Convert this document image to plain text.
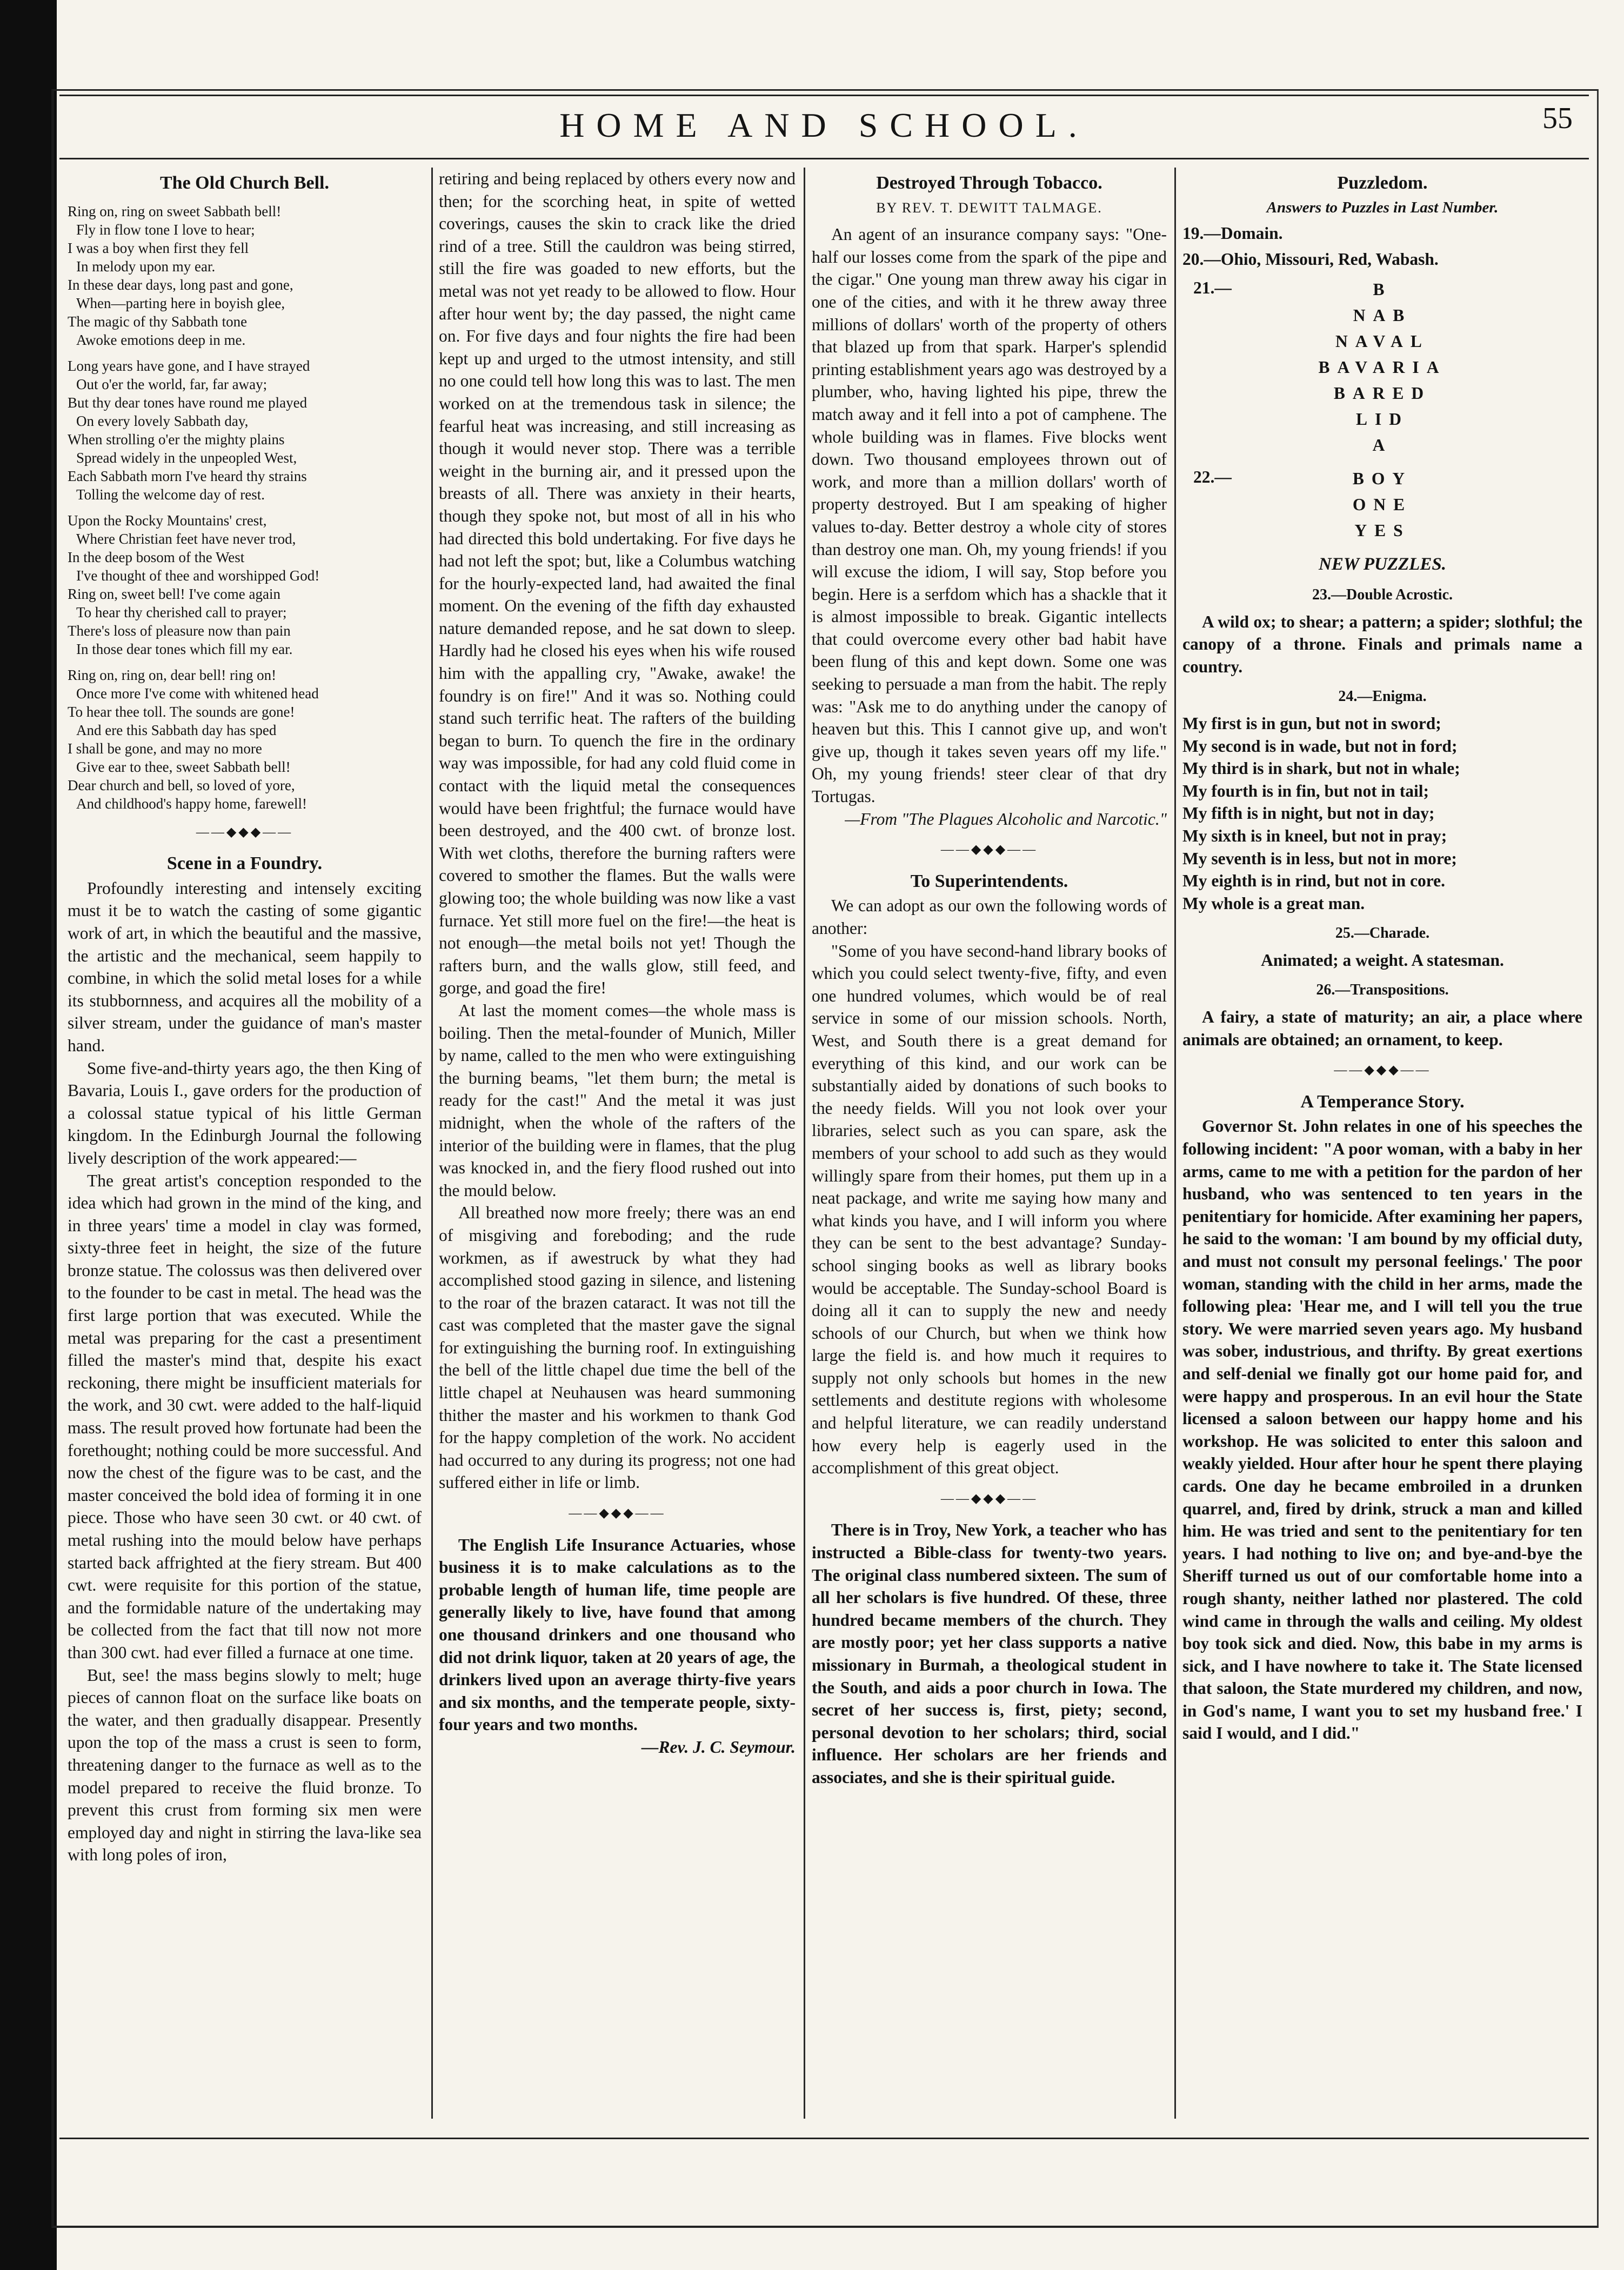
HOME AND SCHOOL.	55
The Old Church Bell.
Ring on, ring on sweet Sabbath bell!
Fly in flow tone I love to hear;
I was a boy when first they fell
In melody upon my ear.
In these dear days, long past and gone,
When—parting here in boyish glee,
The magic of thy Sabbath tone
Awoke emotions deep in me.
Long years have gone, and I have strayed
Out o'er the world, far, far away;
But thy dear tones have round me played
On every lovely Sabbath day,
When strolling o'er the mighty plains
Spread widely in the unpeopled West,
Each Sabbath morn I've heard thy strains
Tolling the welcome day of rest.
Upon the Rocky Mountains' crest,
Where Christian feet have never trod,
In the deep bosom of the West
I've thought of thee and worshipped God!
Ring on, sweet bell! I've come again
To hear thy cherished call to prayer;
There's loss of pleasure now than pain
In those dear tones which fill my ear.
Ring on, ring on, dear bell! ring on!
Once more I've come with whitened head
To hear thee toll. The sounds are gone!
And ere this Sabbath day has sped
I shall be gone, and may no more
Give ear to thee, sweet Sabbath bell!
Dear church and bell, so loved of yore,
And childhood's happy home, farewell!
——◆◆◆——
Scene in a Foundry.

Profoundly interesting and intensely exciting must it be to watch the casting of some gigantic work of art, in which the beautiful and the massive, the artistic and the mechanical, seem happily to combine, in which the solid metal loses for a while its stubbornness, and acquires all the mobility of a silver stream, under the guidance of man's master hand.

Some five-and-thirty years ago, the then King of Bavaria, Louis I., gave orders for the production of a colossal statue typical of his little German kingdom. In the Edinburgh Journal the following lively description of the work appeared:—

The great artist's conception responded to the idea which had grown in the mind of the king, and in three years' time a model in clay was formed, sixty-three feet in height, the size of the future bronze statue. The colossus was then delivered over to the founder to be cast in metal. The head was the first large portion that was executed. While the metal was preparing for the cast a presentiment filled the master's mind that, despite his exact reckoning, there might be insufficient materials for the work, and 30 cwt. were added to the half-liquid mass. The result proved how fortunate had been the forethought; nothing could be more successful. And now the chest of the figure was to be cast, and the master conceived the bold idea of forming it in one piece. Those who have seen 30 cwt. or 40 cwt. of metal rushing into the mould below have perhaps started back affrighted at the fiery stream. But 400 cwt. were requisite for this portion of the statue, and the formidable nature of the undertaking may be collected from the fact that till now not more than 300 cwt. had ever filled a furnace at one time.

But, see! the mass begins slowly to melt; huge pieces of cannon float on the surface like boats on the water, and then gradually disappear. Presently upon the top of the mass a crust is seen to form, threatening danger to the furnace as well as to the model prepared to receive the fluid bronze. To prevent this crust from forming six men were employed day and night in stirring the lava-like sea with long poles of iron,

retiring and being replaced by others every now and then; for the scorching heat, in spite of wetted coverings, causes the skin to crack like the dried rind of a tree. Still the cauldron was being stirred, still the fire was goaded to new efforts, but the metal was not yet ready to be allowed to flow. Hour after hour went by; the day passed, the night came on. For five days and four nights the fire had been kept up and urged to the utmost intensity, and still no one could tell how long this was to last. The men worked on at the tremendous task in silence; the fearful heat was increasing, and still increasing as though it would never stop. There was a terrible weight in the burning air, and it pressed upon the breasts of all. There was anxiety in their hearts, though they spoke not, but most of all in his who had directed this bold undertaking. For five days he had not left the spot; but, like a Columbus watching for the hourly-expected land, had awaited the final moment. On the evening of the fifth day exhausted nature demanded repose, and he sat down to sleep. Hardly had he closed his eyes when his wife roused him with the appalling cry, "Awake, awake! the foundry is on fire!" And it was so. Nothing could stand such terrific heat. The rafters of the building began to burn. To quench the fire in the ordinary way was impossible, for had any cold fluid come in contact with the liquid metal the consequences would have been frightful; the furnace would have been destroyed, and the 400 cwt. of bronze lost. With wet cloths, therefore the burning rafters were covered to smother the flames. But the walls were glowing too; the whole building was now like a vast furnace. Yet still more fuel on the fire!—the heat is not enough—the metal boils not yet! Though the rafters burn, and the walls glow, still feed, and gorge, and goad the fire!

At last the moment comes—the whole mass is boiling. Then the metal-founder of Munich, Miller by name, called to the men who were extinguishing the burning beams, "let them burn; the metal is ready for the cast!" And the metal it was just midnight, when the whole of the rafters of the interior of the building were in flames, that the plug was knocked in, and the fiery flood rushed out into the mould below.

All breathed now more freely; there was an end of misgiving and foreboding; and the rude workmen, as if awestruck by what they had accomplished stood gazing in silence, and listening to the roar of the brazen cataract. It was not till the cast was completed that the master gave the signal for extinguishing the burning roof. In extinguishing the bell of the little chapel due time the bell of the little chapel at Neuhausen was heard summoning thither the master and his workmen to thank God for the happy completion of the work. No accident had occurred to any during its progress; not one had suffered either in life or limb.

——◆◆◆——

The English Life Insurance Actuaries, whose business it is to make calculations as to the probable length of human life, time people are generally likely to live, have found that among one thousand drinkers and one thousand who did not drink liquor, taken at 20 years of age, the drinkers lived upon an average thirty-five years and six months, and the temperate people, sixty-four years and two months.

—Rev. J. C. Seymour.

Destroyed Through Tobacco.
BY REV. T. DEWITT TALMAGE.

An agent of an insurance company says: "One-half our losses come from the spark of the pipe and the cigar." One young man threw away his cigar in one of the cities, and with it he threw away three millions of dollars' worth of the property of others that blazed up from that spark. Harper's splendid printing establishment years ago was destroyed by a plumber, who, having lighted his pipe, threw the match away and it fell into a pot of camphene. The whole building was in flames. Five blocks went down. Two thousand employees thrown out of work, and more than a million dollars' worth of property destroyed. But I am speaking of higher values to-day. Better destroy a whole city of stores than destroy one man. Oh, my young friends! if you will excuse the idiom, I will say, Stop before you begin. Here is a serfdom which has a shackle that it is almost impossible to break. Gigantic intellects that could overcome every other bad habit have been flung of this and kept down. Some one was seeking to persuade a man from the habit. The reply was: "Ask me to do anything under the canopy of heaven but this. This I cannot give up, and won't give up, though it takes seven years off my life." Oh, my young friends! steer clear of that dry Tortugas.

—From "The Plagues Alcoholic and Narcotic."

——◆◆◆——
To Superintendents.

We can adopt as our own the following words of another:

"Some of you have second-hand library books of which you could select twenty-five, fifty, and even one hundred volumes, which would be of real service in some of our mission schools. North, West, and South there is a great demand for everything of this kind, and our work can be substantially aided by donations of such books to the needy fields. Will you not look over your libraries, select such as you can spare, ask the members of your school to add such as they would willingly spare from their homes, put them up in a neat package, and write me saying how many and what kinds you have, and I will inform you where they can be sent to the best advantage? Sunday-school singing books as well as library books would be acceptable. The Sunday-school Board is doing all it can to supply the new and needy schools of our Church, but when we think how large the field is. and how much it requires to supply not only schools but homes in the new settlements and destitute regions with wholesome and helpful literature, we can readily understand how every help is eagerly used in the accomplishment of this great object.

——◆◆◆——

There is in Troy, New York, a teacher who has instructed a Bible-class for twenty-two years. The original class numbered sixteen. The sum of all her scholars is five hundred. Of these, three hundred became members of the church. They are mostly poor; yet her class supports a native missionary in Burmah, a theological student in the South, and aids a poor church in Iowa. The secret of her success is, first, piety; second, personal devotion to her scholars; third, social influence. Her scholars are her friends and associates, and she is their spiritual guide.

Puzzledom.
Answers to Puzzles in Last Number.

19.—Domain.

20.—Ohio, Missouri, Red, Wabash.

21.—	B
NAB
NAVAL
BAVARIA
BARED
LID
A
22.—	BOY
ONE
YES
NEW PUZZLES.
23.—Double Acrostic.

A wild ox; to shear; a pattern; a spider; slothful; the canopy of a throne. Finals and primals name a country.

24.—Enigma.

My first is in gun, but not in sword;

My second is in wade, but not in ford;

My third is in shark, but not in whale;

My fourth is in fin, but not in tail;

My fifth is in night, but not in day;

My sixth is in kneel, but not in pray;

My seventh is in less, but not in more;

My eighth is in rind, but not in core.

My whole is a great man.

25.—Charade.

Animated; a weight. A statesman.

26.—Transpositions.

A fairy, a state of maturity; an air, a place where animals are obtained; an ornament, to keep.

——◆◆◆——
A Temperance Story.

Governor St. John relates in one of his speeches the following incident: "A poor woman, with a baby in her arms, came to me with a petition for the pardon of her husband, who was sentenced to ten years in the penitentiary for homicide. After examining her papers, he said to the woman: 'I am bound by my official duty, and must not consult my personal feelings.' The poor woman, standing with the child in her arms, made the following plea: 'Hear me, and I will tell you the true story. We were married seven years ago. My husband was sober, industrious, and thrifty. By great exertions and self-denial we finally got our home paid for, and were happy and prosperous. In an evil hour the State licensed a saloon between our happy home and his workshop. He was solicited to enter this saloon and weakly yielded. Hour after hour he spent there playing cards. One day he became embroiled in a drunken quarrel, and, fired by drink, struck a man and killed him. He was tried and sent to the penitentiary for ten years. I had nothing to live on; and bye-and-bye the Sheriff turned us out of our comfortable home into a rough shanty, neither lathed nor plastered. The cold wind came in through the walls and ceiling. My oldest boy took sick and died. Now, this babe in my arms is sick, and I have nowhere to take it. The State licensed that saloon, the State murdered my children, and now, in God's name, I want you to set my husband free.' I said I would, and I did."
